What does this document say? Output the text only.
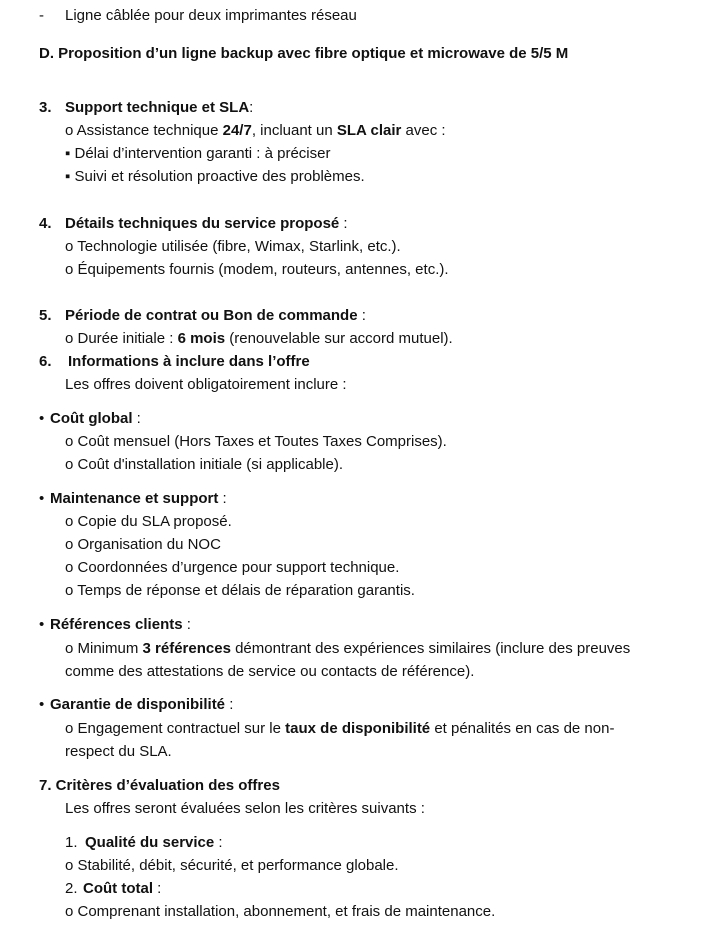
- Ligne câblée pour deux imprimantes réseau
D. Proposition d’un ligne backup avec fibre optique et microwave de 5/5 M
3. Support technique et SLA:
o Assistance technique 24/7, incluant un SLA clair avec :
▪ Délai d’intervention garanti : à préciser
▪ Suivi et résolution proactive des problèmes.
4. Détails techniques du service proposé :
o Technologie utilisée (fibre, Wimax, Starlink, etc.).
o Équipements fournis (modem, routeurs, antennes, etc.).
5. Période de contrat ou Bon de commande :
o Durée initiale : 6 mois (renouvelable sur accord mutuel).
6. Informations à inclure dans l’offre
Les offres doivent obligatoirement inclure :
• Coût global :
o Coût mensuel (Hors Taxes et Toutes Taxes Comprises).
o Coût d'installation initiale (si applicable).
• Maintenance et support :
o Copie du SLA proposé.
o Organisation du NOC
o Coordonnées d’urgence pour support technique.
o Temps de réponse et délais de réparation garantis.
• Références clients :
o Minimum 3 références démontrant des expériences similaires (inclure des preuves
comme des attestations de service ou contacts de référence).
• Garantie de disponibilité :
o Engagement contractuel sur le taux de disponibilité et pénalités en cas de non-
respect du SLA.
7. Critères d’évaluation des offres
Les offres seront évaluées selon les critères suivants :
1. Qualité du service :
o Stabilité, débit, sécurité, et performance globale.
2. Coût total :
o Comprenant installation, abonnement, et frais de maintenance.
